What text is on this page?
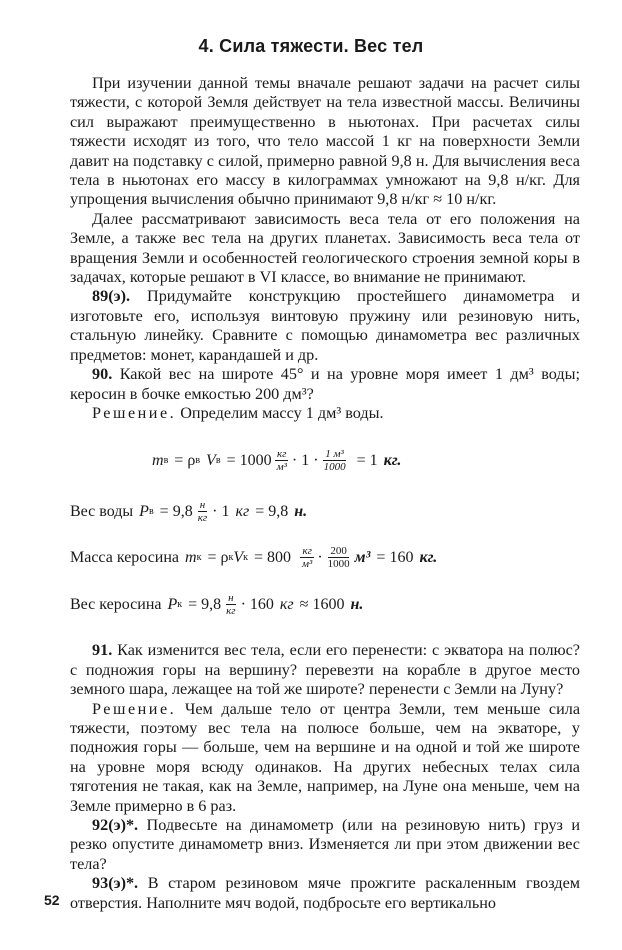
4. Сила тяжести. Вес тел

При изучении данной темы вначале решают задачи на расчет силы тяжести, с которой Земля действует на тела известной массы. Величины сил выражают преимущественно в ньютонах. При расчетах силы тяжести исходят из того, что тело массой 1 кг на поверхности Земли давит на подставку с силой, примерно равной 9,8 н. Для вычисления веса тела в ньютонах его массу в килограммах умножают на 9,8 н/кг. Для упрощения вычисления обычно принимают 9,8 н/кг ≈ 10 н/кг.

Далее рассматривают зависимость веса тела от его положения на Земле, а также вес тела на других планетах. Зависимость веса тела от вращения Земли и особенностей геологического строения земной коры в задачах, которые решают в VI классе, во внимание не принимают.

89(э). Придумайте конструкцию простейшего динамометра и изготовьте его, используя винтовую пружину или резиновую нить, стальную линейку. Сравните с помощью динамометра вес различных предметов: монет, карандашей и др.

90. Какой вес на широте 45° и на уровне моря имеет 1 дм³ воды; керосин в бочке емкостью 200 дм³?

Решение. Определим массу 1 дм³ воды.

m в = ρ в V $в = 1000 \frac{кг}{\text{м³}} \cdot 1 \cdot \frac{\text{1 м³}}{1000} = 1$ кг.
Вес воды P $в = 9,8 \frac{н}{кг} \cdot 1$ кг = 9,8 н.
Масса керосина m к = ρ к V $к = 800 \frac{кг}{\text{м³}} \cdot \frac{200}{1000} м^3 = 160$ кг.
Вес керосина P $к = 9,8 \frac{н}{кг} \cdot 160$ кг ≈ 1600 н.

91. Как изменится вес тела, если его перенести: с экватора на полюс? с подножия горы на вершину? перевезти на корабле в другое место земного шара, лежащее на той же широте? перенести с Земли на Луну?

Решение. Чем дальше тело от центра Земли, тем меньше сила тяжести, поэтому вес тела на полюсе больше, чем на экваторе, у подножия горы — больше, чем на вершине и на одной и той же широте на уровне моря всюду одинаков. На других небесных телах сила тяготения не такая, как на Земле, например, на Луне она меньше, чем на Земле примерно в 6 раз.

92(э)*. Подвесьте на динамометр (или на резиновую нить) груз и резко опустите динамометр вниз. Изменяется ли при этом движении вес тела?

93(э)*. В старом резиновом мяче прожгите раскаленным гвоздем отверстия. Наполните мяч водой, подбросьте его вертикально

52
